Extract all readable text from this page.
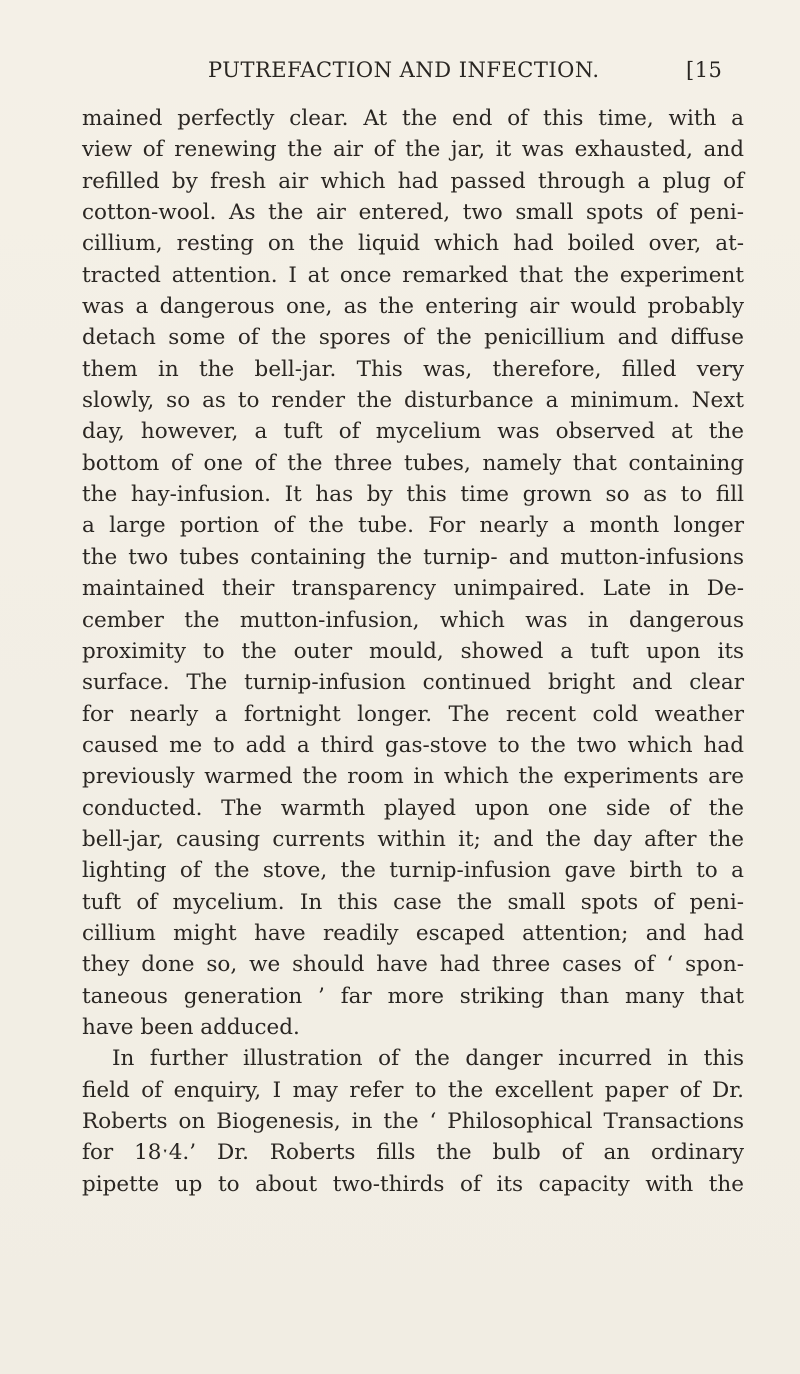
PUTREFACTION AND INFECTION.	[15
mained perfectly clear. At the end of this time, with a
view of renewing the air of the jar, it was exhausted, and
refilled by fresh air which had passed through a plug of
cotton-wool. As the air entered, two small spots of peni-
cillium, resting on the liquid which had boiled over, at-
tracted attention. I at once remarked that the experiment
was a dangerous one, as the entering air would probably
detach some of the spores of the penicillium and diffuse
them in the bell-jar. This was, therefore, filled very
slowly, so as to render the disturbance a minimum. Next
day, however, a tuft of mycelium was observed at the
bottom of one of the three tubes, namely that containing
the hay-infusion. It has by this time grown so as to fill
a large portion of the tube. For nearly a month longer
the two tubes containing the turnip- and mutton-infusions
maintained their transparency unimpaired. Late in De-
cember the mutton-infusion, which was in dangerous
proximity to the outer mould, showed a tuft upon its
surface. The turnip-infusion continued bright and clear
for nearly a fortnight longer. The recent cold weather
caused me to add a third gas-stove to the two which had
previously warmed the room in which the experiments are
conducted. The warmth played upon one side of the
bell-jar, causing currents within it; and the day after the
lighting of the stove, the turnip-infusion gave birth to a
tuft of mycelium. In this case the small spots of peni-
cillium might have readily escaped attention; and had
they done so, we should have had three cases of ‘ spon-
taneous generation ’ far more striking than many that
have been adduced.
In further illustration of the danger incurred in this
field of enquiry, I may refer to the excellent paper of Dr.
Roberts on Biogenesis, in the ‘ Philosophical Transactions
for 18ˑ4.’ Dr. Roberts fills the bulb of an ordinary
pipette up to about two-thirds of its capacity with the
